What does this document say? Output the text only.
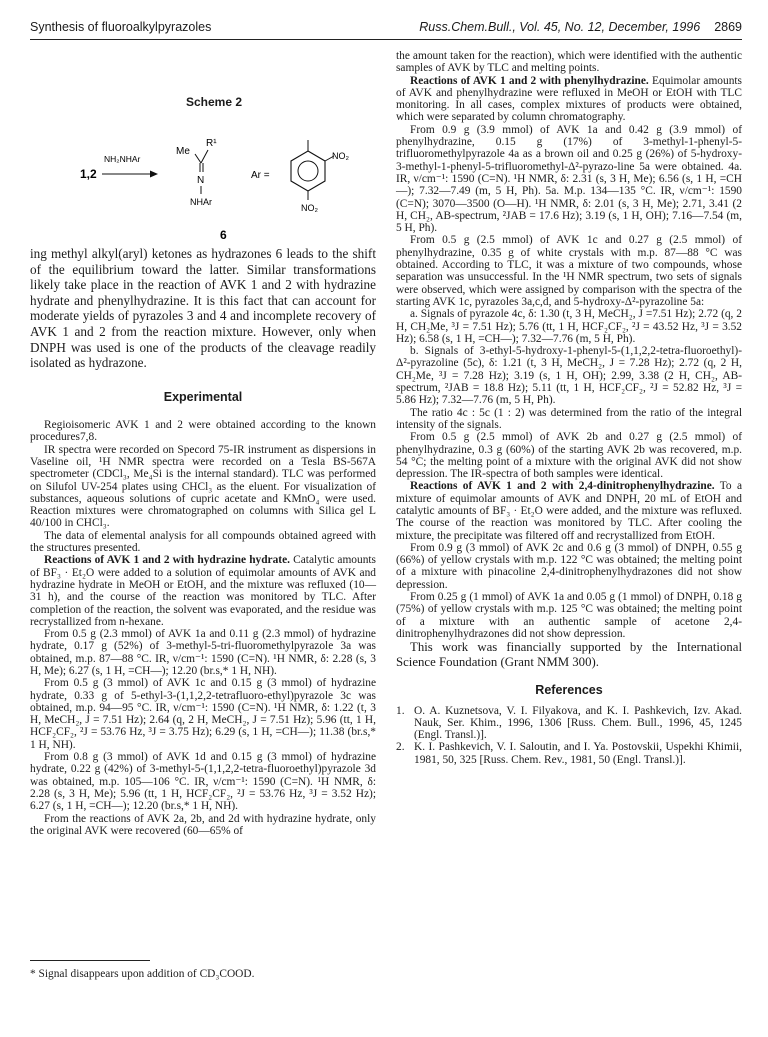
Synthesis of fluoroalkylpyrazoles	Russ.Chem.Bull., Vol. 45, No. 12, December, 1996 2869
Scheme 2
1,2
NH₂NHAr
Me
R¹
N
NHAr
6
Ar =
NO₂
NO₂

ing methyl alkyl(aryl) ketones as hydrazones 6 leads to the shift of the equilibrium toward the latter. Similar transformations likely take place in the reaction of AVK 1 and 2 with hydrazine hydrate and phenylhydrazine. It is this fact that can account for moderate yields of pyrazoles 3 and 4 and incomplete recovery of AVK 1 and 2 from the reaction mixture. However, only when DNPH was used is one of the products of the cleavage readily isolated as hydrazone.

Experimental

Regioisomeric AVK 1 and 2 were obtained according to the known procedures7,8.

IR spectra were recorded on Specord 75-IR instrument as dispersions in Vaseline oil, ¹H NMR spectra were recorded on a Tesla BS-567A spectrometer (CDCl₃, Me₄Si is the internal standard). TLC was performed on Silufol UV-254 plates using CHCl₃ as the eluent. For visualization of substances, aqueous solutions of cupric acetate and KMnO₄ were used. Reaction mixtures were chromatographed on columns with Silica gel L 40/100 in CHCl₃.

The data of elemental analysis for all compounds obtained agreed with the structures presented.

Reactions of AVK 1 and 2 with hydrazine hydrate. Catalytic amounts of BF₃ · Et₂O were added to a solution of equimolar amounts of AVK and hydrazine hydrate in MeOH or EtOH, and the mixture was refluxed (10—31 h), and the course of the reaction was monitored by TLC. After completion of the reaction, the solvent was evaporated, and the residue was recrystallized from n-hexane.

From 0.5 g (2.3 mmol) of AVK 1a and 0.11 g (2.3 mmol) of hydrazine hydrate, 0.17 g (52%) of 3-methyl-5-tri-fluoromethylpyrazole 3a was obtained, m.p. 87—88 °C. IR, ν/cm⁻¹: 1590 (C=N). ¹H NMR, δ: 2.28 (s, 3 H, Me); 6.27 (s, 1 H, =CH—); 12.20 (br.s,* 1 H, NH).

From 0.5 g (3 mmol) of AVK 1c and 0.15 g (3 mmol) of hydrazine hydrate, 0.33 g of 5-ethyl-3-(1,1,2,2-tetrafluoro-ethyl)pyrazole 3c was obtained, m.p. 94—95 °C. IR, ν/cm⁻¹: 1590 (C=N). ¹H NMR, δ: 1.22 (t, 3 H, MeCH₂, J = 7.51 Hz); 2.64 (q, 2 H, MeCH₂, J = 7.51 Hz); 5.96 (tt, 1 H, HCF₂CF₂, ²J = 53.76 Hz, ³J = 3.75 Hz); 6.29 (s, 1 H, =CH—); 11.38 (br.s,* 1 H, NH).

From 0.8 g (3 mmol) of AVK 1d and 0.15 g (3 mmol) of hydrazine hydrate, 0.22 g (42%) of 3-methyl-5-(1,1,2,2-tetra-fluoroethyl)pyrazole 3d was obtained, m.p. 105—106 °C. IR, ν/cm⁻¹: 1590 (C=N). ¹H NMR, δ: 2.28 (s, 3 H, Me); 5.96 (tt, 1 H, HCF₂CF₂, ²J = 53.76 Hz, ³J = 3.52 Hz); 6.27 (s, 1 H, =CH—); 12.20 (br.s,* 1 H, NH).

From the reactions of AVK 2a, 2b, and 2d with hydrazine hydrate, only the original AVK were recovered (60—65% of

* Signal disappears upon addition of CD₃COOD.

the amount taken for the reaction), which were identified with the authentic samples of AVK by TLC and melting points.

Reactions of AVK 1 and 2 with phenylhydrazine. Equimolar amounts of AVK and phenylhydrazine were refluxed in MeOH or EtOH with TLC monitoring. In all cases, complex mixtures of products were obtained, which were separated by column chromatography.

From 0.9 g (3.9 mmol) of AVK 1a and 0.42 g (3.9 mmol) of phenylhydrazine, 0.15 g (17%) of 3-methyl-1-phenyl-5-trifluoromethylpyrazole 4a as a brown oil and 0.25 g (26%) of 5-hydroxy-3-methyl-1-phenyl-5-trifluoromethyl-Δ²-pyrazo-line 5a were obtained. 4a. IR, ν/cm⁻¹: 1590 (C=N). ¹H NMR, δ: 2.31 (s, 3 H, Me); 6.56 (s, 1 H, =CH—); 7.32—7.49 (m, 5 H, Ph). 5a. M.p. 134—135 °C. IR, ν/cm⁻¹: 1590 (C=N); 3070—3500 (O—H). ¹H NMR, δ: 2.01 (s, 3 H, Me); 2.71, 3.41 (2 H, CH₂, AB-spectrum, ²JAB = 17.6 Hz); 3.19 (s, 1 H, OH); 7.16—7.54 (m, 5 H, Ph).

From 0.5 g (2.5 mmol) of AVK 1c and 0.27 g (2.5 mmol) of phenylhydrazine, 0.35 g of white crystals with m.p. 87—88 °C was obtained. According to TLC, it was a mixture of two compounds, whose separation was unsuccessful. In the ¹H NMR spectrum, two sets of signals were observed, which were assigned by comparison with the spectra of the starting AVK 1c, pyrazoles 3a,c,d, and 5-hydroxy-Δ²-pyrazoline 5a:

a. Signals of pyrazole 4c, δ: 1.30 (t, 3 H, MeCH₂, J =7.51 Hz); 2.72 (q, 2 H, CH₂Me, ³J = 7.51 Hz); 5.76 (tt, 1 H, HCF₂CF₂, ²J = 43.52 Hz, ³J = 3.52 Hz); 6.58 (s, 1 H, =CH—); 7.32—7.76 (m, 5 H, Ph).

b. Signals of 3-ethyl-5-hydroxy-1-phenyl-5-(1,1,2,2-tetra-fluoroethyl)-Δ²-pyrazoline (5c), δ: 1.21 (t, 3 H, MeCH₂, J = 7.28 Hz); 2.72 (q, 2 H, CH₂Me, ³J = 7.28 Hz); 3.19 (s, 1 H, OH); 2.99, 3.38 (2 H, CH₂, AB-spectrum, ²JAB = 18.8 Hz); 5.11 (tt, 1 H, HCF₂CF₂, ²J = 52.82 Hz, ³J = 5.86 Hz); 7.32—7.76 (m, 5 H, Ph).

The ratio 4c : 5c (1 : 2) was determined from the ratio of the integral intensity of the signals.

From 0.5 g (2.5 mmol) of AVK 2b and 0.27 g (2.5 mmol) of phenylhydrazine, 0.3 g (60%) of the starting AVK 2b was recovered, m.p. 54 °C; the melting point of a mixture with the original AVK did not show depression. The IR-spectra of both samples were identical.

Reactions of AVK 1 and 2 with 2,4-dinitrophenylhydrazine. To a mixture of equimolar amounts of AVK and DNPH, 20 mL of EtOH and catalytic amounts of BF₃ · Et₂O were added, and the mixture was refluxed. The course of the reaction was monitored by TLC. After cooling the mixture, the precipitate was filtered off and recrystallized from EtOH.

From 0.9 g (3 mmol) of AVK 2c and 0.6 g (3 mmol) of DNPH, 0.55 g (66%) of yellow crystals with m.p. 122 °C was obtained; the melting point of a mixture with pinacoline 2,4-dinitrophenylhydrazones did not show depression.

From 0.25 g (1 mmol) of AVK 1a and 0.05 g (1 mmol) of DNPH, 0.18 g (75%) of yellow crystals with m.p. 125 °C was obtained; the melting point of a mixture with an authentic sample of acetone 2,4-dinitrophenylhydrazones did not show depression.

This work was financially supported by the International Science Foundation (Grant NMM 300).

References

1. O. A. Kuznetsova, V. I. Filyakova, and K. I. Pashkevich, Izv. Akad. Nauk, Ser. Khim., 1996, 1306 [Russ. Chem. Bull., 1996, 45, 1245 (Engl. Transl.)].

2. K. I. Pashkevich, V. I. Saloutin, and I. Ya. Postovskii, Uspekhi Khimii, 1981, 50, 325 [Russ. Chem. Rev., 1981, 50 (Engl. Transl.)].
